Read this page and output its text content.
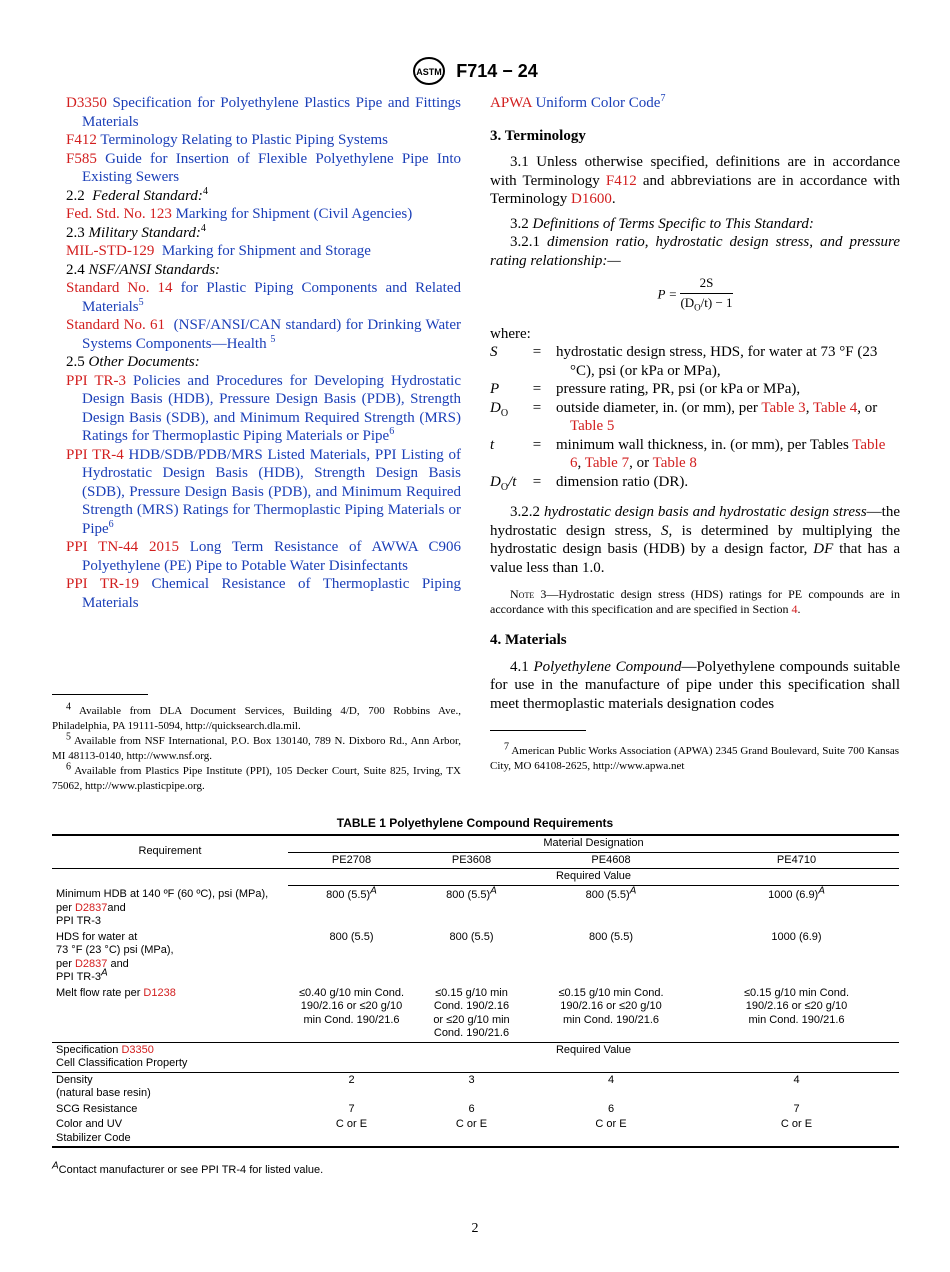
ASTM F714 − 24

D3350 Specification for Polyethylene Plastics Pipe and Fittings Materials

F412 Terminology Relating to Plastic Piping Systems

F585 Guide for Insertion of Flexible Polyethylene Pipe Into Existing Sewers

2.2 Federal Standard:$^4$

Fed. Std. No. 123 Marking for Shipment (Civil Agencies)

2.3 Military Standard:$^4$

MIL-STD-129 Marking for Shipment and Storage

2.4 NSF/ANSI Standards:

Standard No. 14 for Plastic Piping Components and Related Materials$^5$

Standard No. 61 (NSF/ANSI/CAN standard) for Drinking Water Systems Components—Health $^5$

2.5 Other Documents:

PPI TR-3 Policies and Procedures for Developing Hydrostatic Design Basis (HDB), Pressure Design Basis (PDB), Strength Design Basis (SDB), and Minimum Required Strength (MRS) Ratings for Thermoplastic Piping Materials or Pipe$^6$

PPI TR-4 HDB/SDB/PDB/MRS Listed Materials, PPI Listing of Hydrostatic Design Basis (HDB), Strength Design Basis (SDB), Pressure Design Basis (PDB), and Minimum Required Strength (MRS) Ratings for Thermoplastic Piping Materials or Pipe$^6$

PPI TN-44 2015 Long Term Resistance of AWWA C906 Polyethylene (PE) Pipe to Potable Water Disinfectants

PPI TR-19 Chemical Resistance of Thermoplastic Piping Materials

$^4$ Available from DLA Document Services, Building 4/D, 700 Robbins Ave., Philadelphia, PA 19111-5094, http://quicksearch.dla.mil.
$^5$ Available from NSF International, P.O. Box 130140, 789 N. Dixboro Rd., Ann Arbor, MI 48113-0140, http://www.nsf.org.
$^6$ Available from Plastics Pipe Institute (PPI), 105 Decker Court, Suite 825, Irving, TX 75062, http://www.plasticpipe.org.

APWA Uniform Color Code$^7$

3. Terminology

3.1 Unless otherwise specified, definitions are in accordance with Terminology F412 and abbreviations are in accordance with Terminology D1600.

3.2 Definitions of Terms Specific to This Standard:

3.2.1 dimension ratio, hydrostatic design stress, and pressure rating relationship:—

$P = \frac{2S}{(D_O/t) - 1}$

where:

S	=	hydrostatic design stress, HDS, for water at 73 °F (23 °C), psi (or kPa or MPa),
P	=	pressure rating, PR, psi (or kPa or MPa),
$D_O$	=	outside diameter, in. (or mm), per Table 3, Table 4, or Table 5
t	=	minimum wall thickness, in. (or mm), per Tables Table 6, Table 7, or Table 8
$D_O/t$	=	dimension ratio (DR).

3.2.2 hydrostatic design basis and hydrostatic design stress—the hydrostatic design stress, S, is determined by multiplying the hydrostatic design basis (HDB) by a design factor, DF that has a value less than 1.0.

Note 3—Hydrostatic design stress (HDS) ratings for PE compounds are in accordance with this specification and are specified in Section 4.

4. Materials

4.1 Polyethylene Compound—Polyethylene compounds suitable for use in the manufacture of pipe under this specification shall meet thermoplastic materials designation codes

$^7$ American Public Works Association (APWA) 2345 Grand Boulevard, Suite 700 Kansas City, MO 64108-2625, http://www.apwa.net
TABLE 1 Polyethylene Compound Requirements
Requirement	Material Designation			
	PE2708	PE3608	PE4608	PE4710
	Required Value			
Minimum HDB at 140 ºF (60 ºC), psi (MPa), per D2837and
PPI TR-3	800 $(5.5)^A$	800 $(5.5)^A$	800 $(5.5)^A$	1000 $(6.9)^A$
HDS for water at
73 °F (23 °C) psi (MPa),
per D2837 and
PPI $TR-3^A$	800 (5.5)	800 (5.5)	800 (5.5)	1000 (6.9)
Melt flow rate per D1238	≤0.40 g/10 min Cond. 190/2.16 or ≤20 g/10 min Cond. 190/21.6	≤0.15 g/10 min Cond. 190/2.16 or ≤20 g/10 min Cond. 190/21.6	≤0.15 g/10 min Cond. 190/2.16 or ≤20 g/10 min Cond. 190/21.6	≤0.15 g/10 min Cond. 190/2.16 or ≤20 g/10 min Cond. 190/21.6
Specification D3350
Cell Classification Property	Required Value			
Density
(natural base resin)	2	3	4	4
SCG Resistance	7	6	6	7
Color and UV
Stabilizer Code	C or E	C or E	C or E	C or E
$^A$Contact manufacturer or see PPI TR-4 for listed value.
2
